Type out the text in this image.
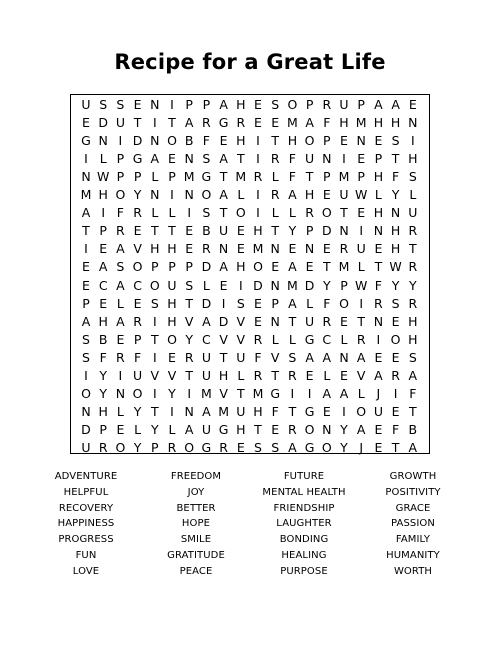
Recipe for a Great Life
U S S E N I P P A H E S O P R U P A A E
E D U T I T A R G R E E M A F H M H H N
G N I D N O B F E H I T H O P E N E S I
I L P G A E N S A T I R F U N I E P T H
N W P P L P M G T M R L F T P M P H F S
M H O Y N I N O A L I R A H E U W L Y L
A I F R L L I S T O I L L R O T E H N U
T P R E T T E B U E H T Y P D N I N H R
I E A V H H E R N E M N E N E R U E H T
E A S O P P P D A H O E A E T M L T W R
E C A C O U S L E I D N M D Y P W F Y Y
P E L E S H T D I S E P A L F O I R S R
A H A R I H V A D V E N T U R E T N E H
S B E P T O Y C V V R L L G C L R I O H
S F R F I E R U T U F V S A A N A E E S
I Y I U V V T U H L R T R E L E V A R A
O Y N O I Y I M V T M G I	I A A L J	I F
N H L Y T I N A M U H F T G E I O U E T
D P E L Y L A U G H T E R O N Y A E F B
U R O Y P R O G R E S S A G O Y J E T A
ADVENTURE	FREEDOM	FUTURE	GROWTH
HELPFUL	JOY	MENTAL HEALTH	POSITIVITY
RECOVERY	BETTER	FRIENDSHIP	GRACE
HAPPINESS	HOPE	LAUGHTER	PASSION
PROGRESS	SMILE	BONDING	FAMILY
FUN	GRATITUDE	HEALING	HUMANITY
LOVE	PEACE	PURPOSE	WORTH
